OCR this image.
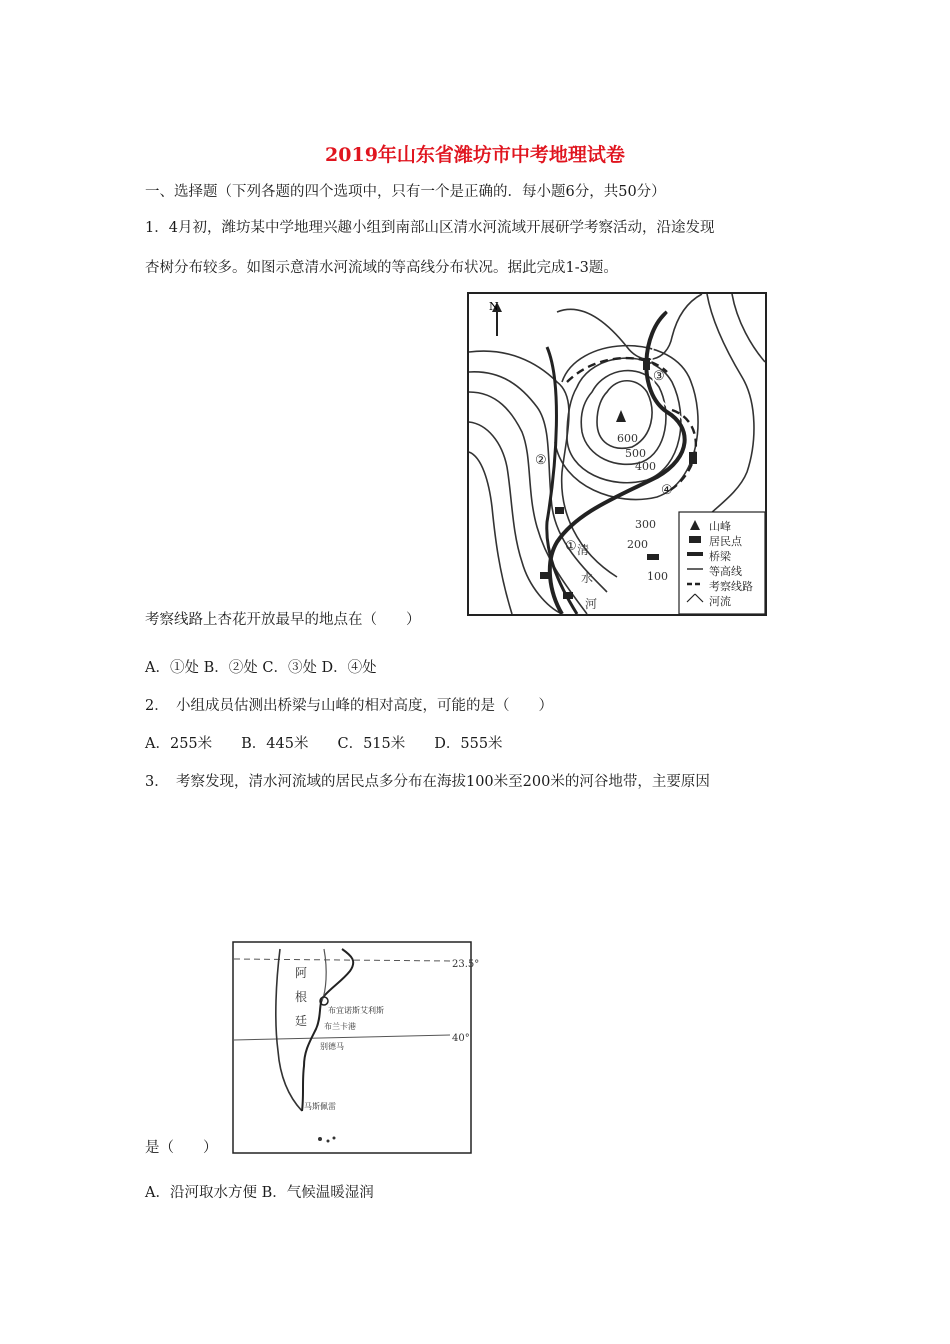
2019年山东省潍坊市中考地理试卷
一、选择题（下列各题的四个选项中，只有一个是正确的．每小题6分，共50分）
1．4月初，潍坊某中学地理兴趣小组到南部山区清水河流域开展研学考察活动，沿途发现
杏树分布较多。如图示意清水河流域的等高线分布状况。据此完成1-3题。
N
600
500
400
300
200
100
①
②
③
④
清
水
河
山峰
居民点
桥梁
等高线
考察线路
河流
考察线路上杏花开放最早的地点在（　　）
A．①处 B．②处 C．③处 D．④处
2．　小组成员估测出桥梁与山峰的相对高度，可能的是（　　）
A．255米　　B．445米　　C．515米　　D．555米
3．　考察发现，清水河流域的居民点多分布在海拔100米至200米的河谷地带，主要原因
23.5°
40°
阿
根
廷
布宜诺斯艾利斯
布兰卡港
别德马
马斯佩雷
是（　　）
A．沿河取水方便 B．气候温暖湿润
